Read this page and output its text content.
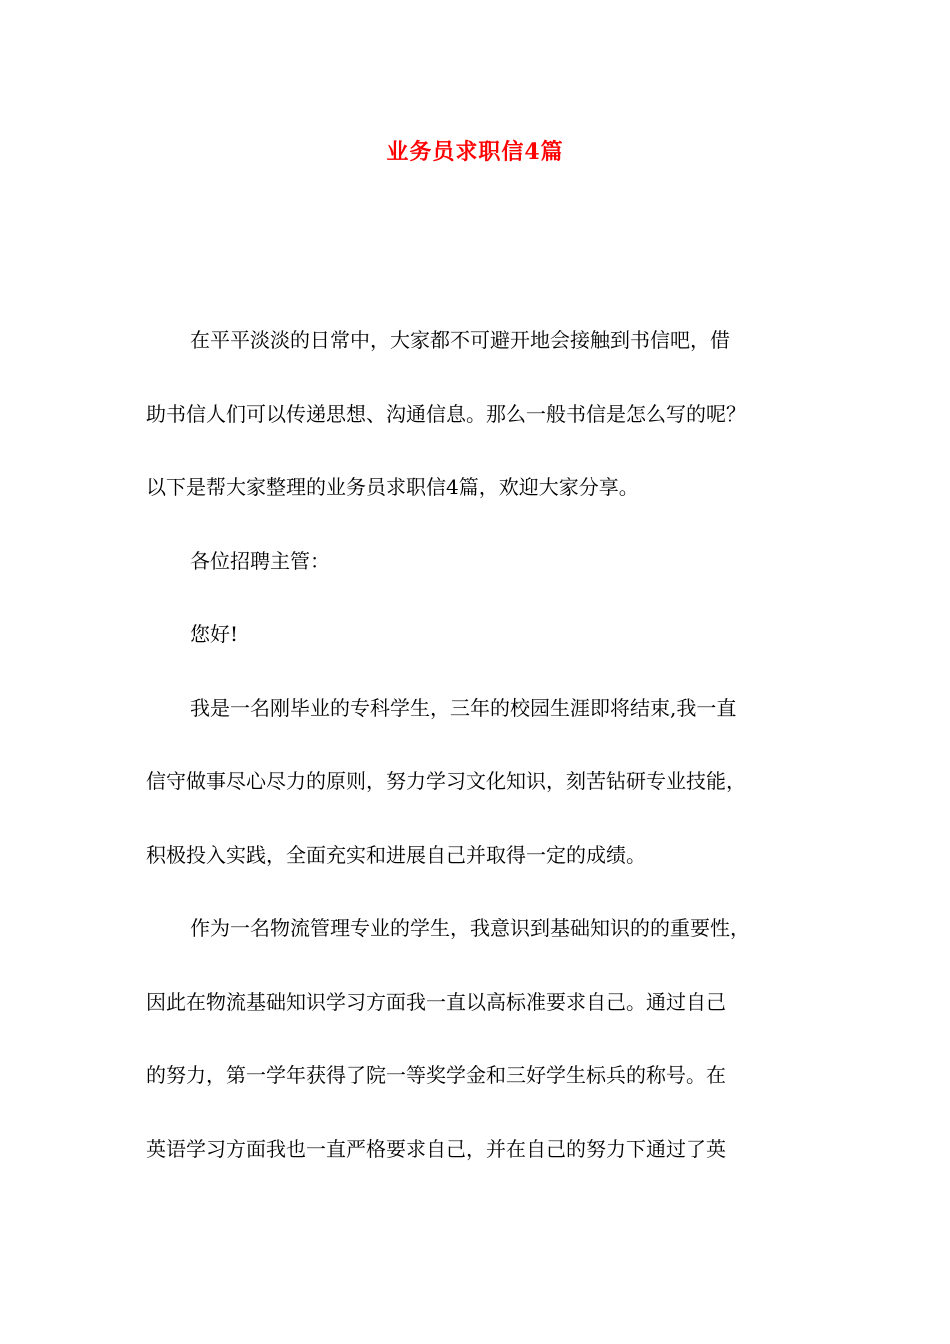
业务员求职信4篇
在平平淡淡的日常中，大家都不可避开地会接触到书信吧，借
助书信人们可以传递思想、沟通信息。那么一般书信是怎么写的呢？
以下是帮大家整理的业务员求职信4篇，欢迎大家分享。
各位招聘主管：
您好!
我是一名刚毕业的专科学生，三年的校园生涯即将结束,我一直
信守做事尽心尽力的原则，努力学习文化知识，刻苦钻研专业技能，
积极投入实践，全面充实和进展自己并取得一定的成绩。
作为一名物流管理专业的学生，我意识到基础知识的的重要性，
因此在物流基础知识学习方面我一直以高标准要求自己。通过自己
的努力，第一学年获得了院一等奖学金和三好学生标兵的称号。在
英语学习方面我也一直严格要求自己，并在自己的努力下通过了英
